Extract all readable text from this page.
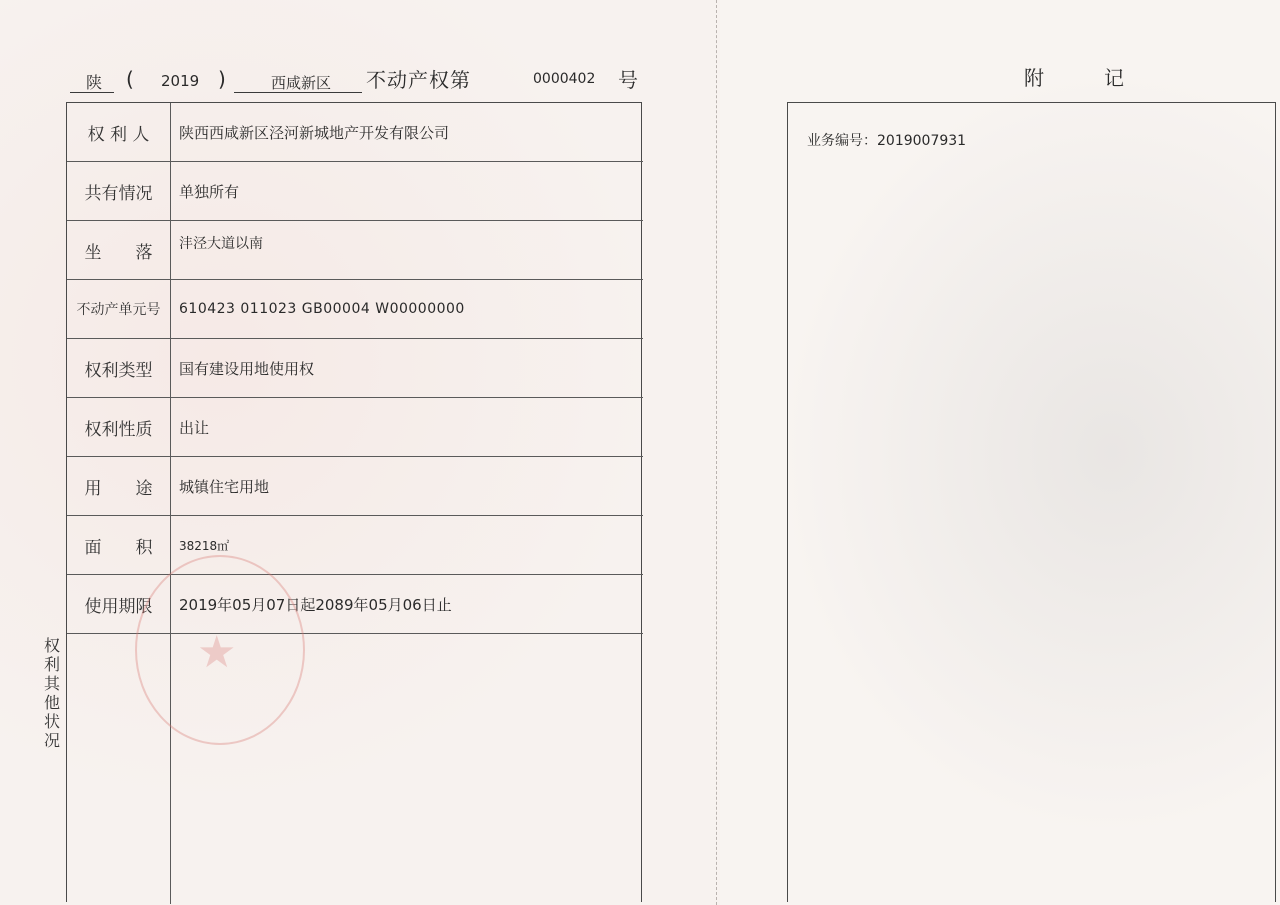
陕 ( 2019 )	西咸新区 不动产权第	0000402 号
权 利 人	陕西西咸新区泾河新城地产开发有限公司
共有情况	单独所有
坐　　落	沣泾大道以南
不动产单元号	610423 011023 GB00004 W00000000
权利类型	国有建设用地使用权
权利性质	出让
用　　途	城镇住宅用地
面　　积	38218㎡
使用期限	2019年05月07日起2089年05月06日止
权
利
其
他
状
况
★
附	记
业务编号：2019007931
